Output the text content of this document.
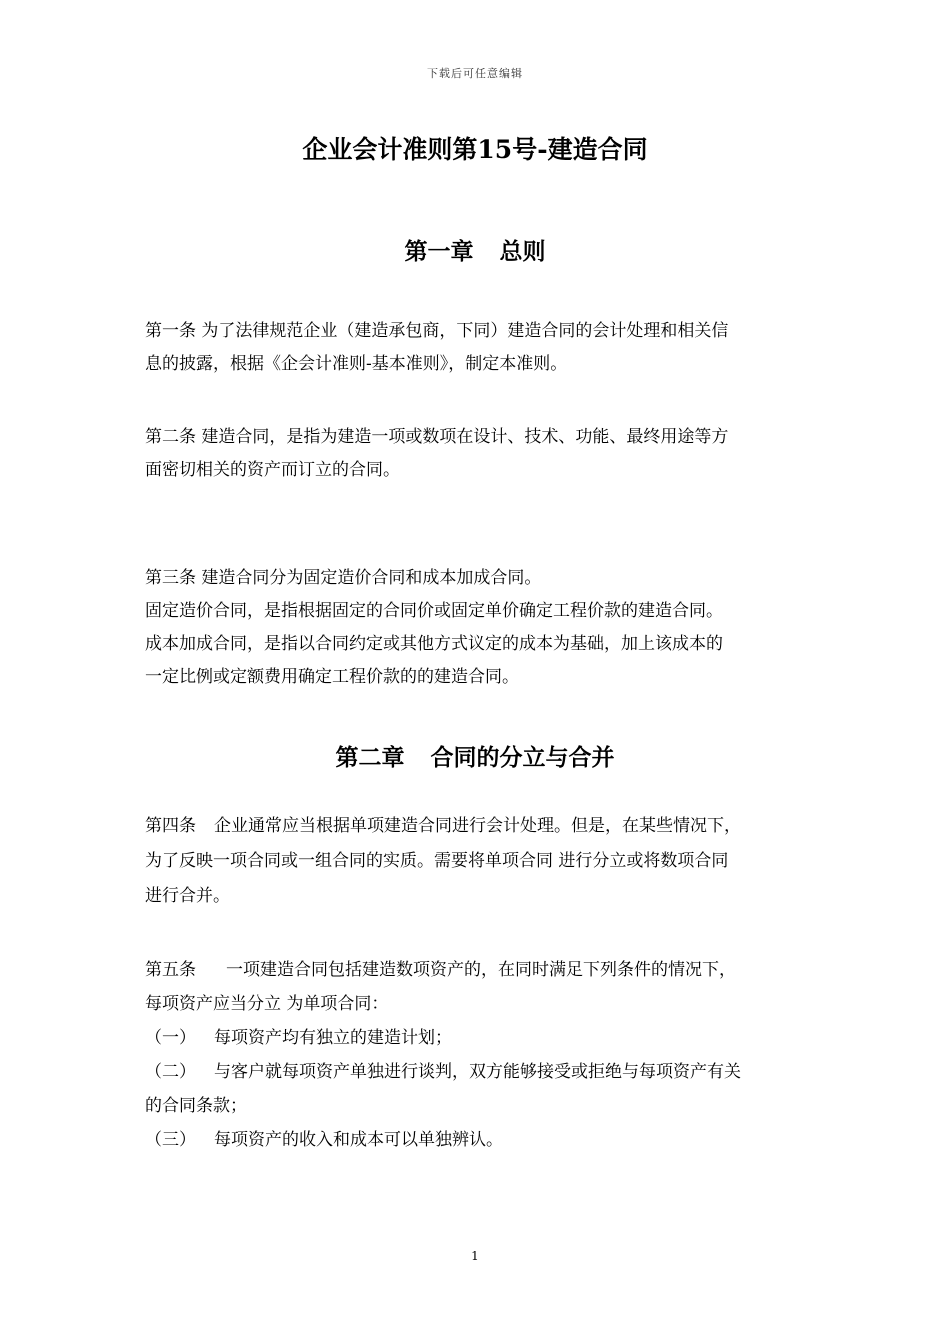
下载后可任意编辑
企业会计准则第15号-建造合同
第一章 总则

第一条 为了法律规范企业（建造承包商，下同）建造合同的会计处理和相关信

息的披露，根据《企会计准则-基本准则》，制定本准则。

第二条 建造合同，是指为建造一项或数项在设计、技术、功能、最终用途等方

面密切相关的资产而订立的合同。

第三条 建造合同分为固定造价合同和成本加成合同。

固定造价合同，是指根据固定的合同价或固定单价确定工程价款的建造合同。

成本加成合同，是指以合同约定或其他方式议定的成本为基础，加上该成本的

一定比例或定额费用确定工程价款的的建造合同。

第二章 合同的分立与合并

第四条 企业通常应当根据单项建造合同进行会计处理。但是，在某些情况下，

为了反映一项合同或一组合同的实质。需要将单项合同 进行分立或将数项合同

进行合并。

第五条 一项建造合同包括建造数项资产的，在同时满足下列条件的情况下，

每项资产应当分立 为单项合同：

（一） 每项资产均有独立的建造计划；

（二） 与客户就每项资产单独进行谈判，双方能够接受或拒绝与每项资产有关

的合同条款；

（三） 每项资产的收入和成本可以单独辨认。

1
